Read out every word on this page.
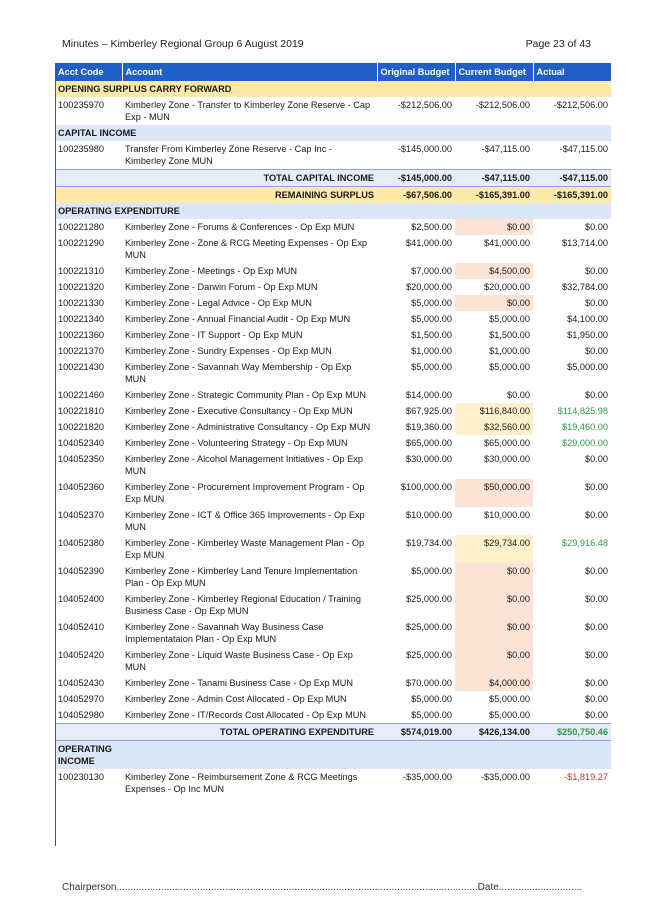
Minutes – Kimberley Regional Group 6 August 2019	Page 23 of 43
Acct Code	Account	Original Budget	Current Budget	Actual
OPENING SURPLUS CARRY FORWARD				
100235970	Kimberley Zone - Transfer to Kimberley Zone Reserve - Cap Exp - MUN	-$212,506.00	-$212,506.00	-$212,506.00
CAPITAL INCOME				
100235980	Transfer From Kimberley Zone Reserve - Cap Inc - Kimberley Zone MUN	-$145,000.00	-$47,115.00	-$47,115.00
TOTAL CAPITAL INCOME		-$145,000.00	-$47,115.00	-$47,115.00
REMAINING SURPLUS		-$67,506.00	-$165,391.00	-$165,391.00
OPERATING EXPENDITURE				
100221280	Kimberley Zone - Forums & Conferences - Op Exp MUN	$2,500.00	$0.00	$0.00
100221290	Kimberley Zone - Zone & RCG Meeting Expenses - Op Exp MUN	$41,000.00	$41,000.00	$13,714.00
100221310	Kimberley Zone - Meetings - Op Exp MUN	$7,000.00	$4,500.00	$0.00
100221320	Kimberley Zone - Darwin Forum - Op Exp MUN	$20,000.00	$20,000.00	$32,784.00
100221330	Kimberley Zone - Legal Advice - Op Exp MUN	$5,000.00	$0.00	$0.00
100221340	Kimberley Zone - Annual Financial Audit - Op Exp MUN	$5,000.00	$5,000.00	$4,100.00
100221360	Kimberley Zone - IT Support - Op Exp MUN	$1,500.00	$1,500.00	$1,950.00
100221370	Kimberley Zone - Sundry Expenses - Op Exp MUN	$1,000.00	$1,000.00	$0.00
100221430	Kimberley Zone - Savannah Way Membership - Op Exp MUN	$5,000.00	$5,000.00	$5,000.00
100221460	Kimberley Zone - Strategic Community Plan - Op Exp MUN	$14,000.00	$0.00	$0.00
100221810	Kimberley Zone - Executive Consultancy - Op Exp MUN	$67,925.00	$116,840.00	$114,825.98
100221820	Kimberley Zone - Administrative Consultancy - Op Exp MUN	$19,360.00	$32,560.00	$19,460.00
104052340	Kimberley Zone - Volunteering Strategy - Op Exp MUN	$65,000.00	$65,000.00	$29,000.00
104052350	Kimberley Zone - Alcohol Management Initiatives - Op Exp MUN	$30,000.00	$30,000.00	$0.00
104052360	Kimberley Zone - Procurement Improvement Program - Op Exp MUN	$100,000.00	$50,000.00	$0.00
104052370	Kimberley Zone - ICT & Office 365 Improvements - Op Exp MUN	$10,000.00	$10,000.00	$0.00
104052380	Kimberley Zone - Kimberley Waste Management Plan - Op Exp MUN	$19,734.00	$29,734.00	$29,916.48
104052390	Kimberley Zone - Kimberley Land Tenure Implementation Plan - Op Exp MUN	$5,000.00	$0.00	$0.00
104052400	Kimberley Zone - Kimberley Regional Education / Training Business Case - Op Exp MUN	$25,000.00	$0.00	$0.00
104052410	Kimberley Zone - Savannah Way Business Case Implementataion Plan - Op Exp MUN	$25,000.00	$0.00	$0.00
104052420	Kimberley Zone - Liquid Waste Business Case - Op Exp MUN	$25,000.00	$0.00	$0.00
104052430	Kimberley Zone - Tanami Business Case - Op Exp MUN	$70,000.00	$4,000.00	$0.00
104052970	Kimberley Zone - Admin Cost Allocated - Op Exp MUN	$5,000.00	$5,000.00	$0.00
104052980	Kimberley Zone - IT/Records Cost Allocated - Op Exp MUN	$5,000.00	$5,000.00	$0.00
TOTAL OPERATING EXPENDITURE		$574,019.00	$426,134.00	$250,750.46
OPERATING INCOME				
100230130	Kimberley Zone - Reimbursement Zone & RCG Meetings Expenses - Op Inc MUN	-$35,000.00	-$35,000.00	-$1,819.27
Chairperson..................................................................................................................................Date..............................
